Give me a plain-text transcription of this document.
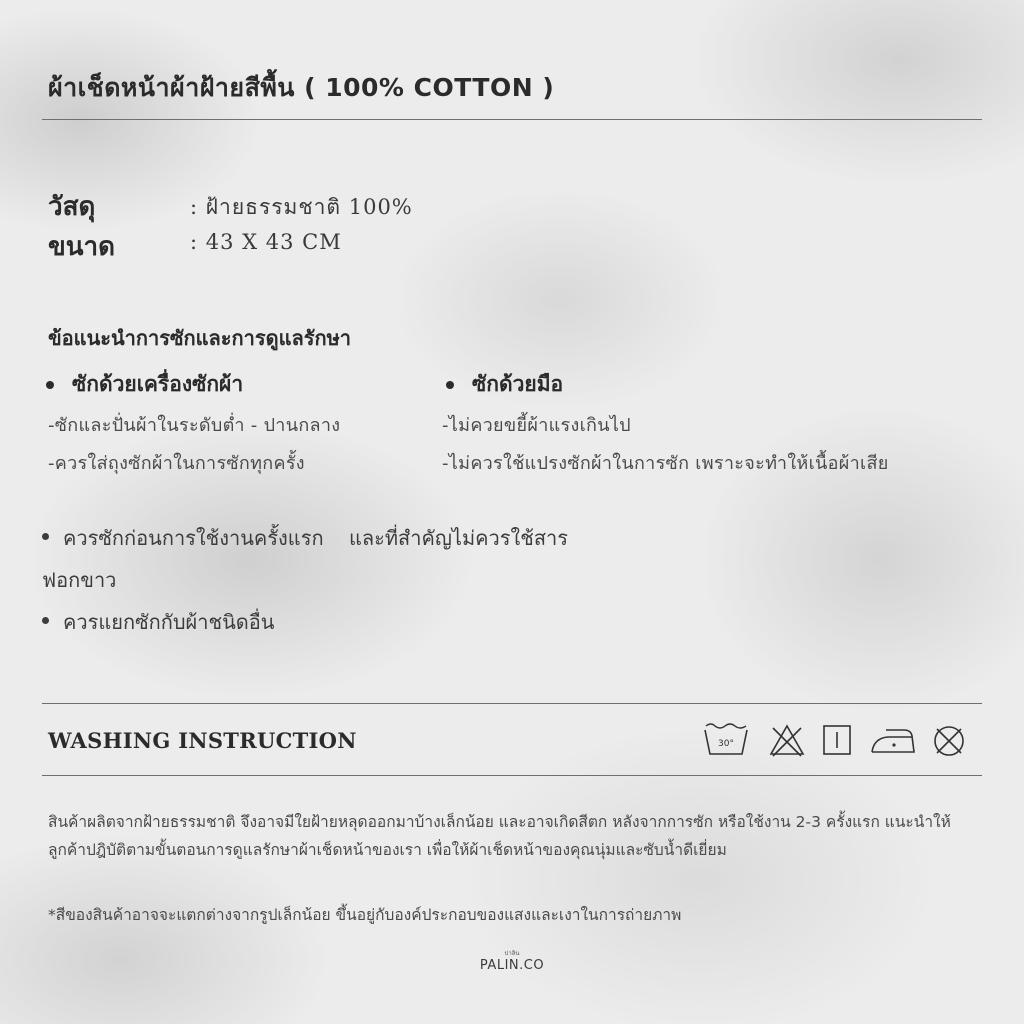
ผ้าเช็ดหน้าผ้าฝ้ายสีพื้น ( 100% COTTON )
วัสดุ	: ฝ้ายธรรมชาติ 100%
ขนาด	: 43 X 43 CM
ข้อแนะนำการซักและการดูแลรักษา
ซักด้วยเครื่องซักผ้า
-ซักและปั่นผ้าในระดับต่ำ - ปานกลาง
-ควรใส่ถุงซักผ้าในการซักทุกครั้ง
ซักด้วยมือ
-ไม่ควยขยี้ผ้าแรงเกินไป
-ไม่ควรใช้แปรงซักผ้าในการซัก เพราะจะทำให้เนื้อผ้าเสีย
ควรซักก่อนการใช้งานครั้งแรก    และที่สำคัญไม่ควรใช้สาร
ฟอกขาว
ควรแยกซักกับผ้าชนิดอื่น
WASHING INSTRUCTION	30°
สินค้าผลิตจากฝ้ายธรรมชาติ จึงอาจมีใยฝ้ายหลุดออกมาบ้างเล็กน้อย และอาจเกิดสีตก หลังจากการซัก หรือใช้งาน 2-3 ครั้งแรก แนะนำให้ลูกค้าปฎิบัติตามขั้นตอนการดูแลรักษาผ้าเช็ดหน้าของเรา เพื่อให้ผ้าเช็ดหน้าของคุณนุ่มและซับน้ำดีเยี่ยม
*สีของสินค้าอาจจะแตกต่างจากรูปเล็กน้อย ขึ้นอยู่กับองค์ประกอบของแสงและเงาในการถ่ายภาพ
ปาลิน
PALIN.CO
